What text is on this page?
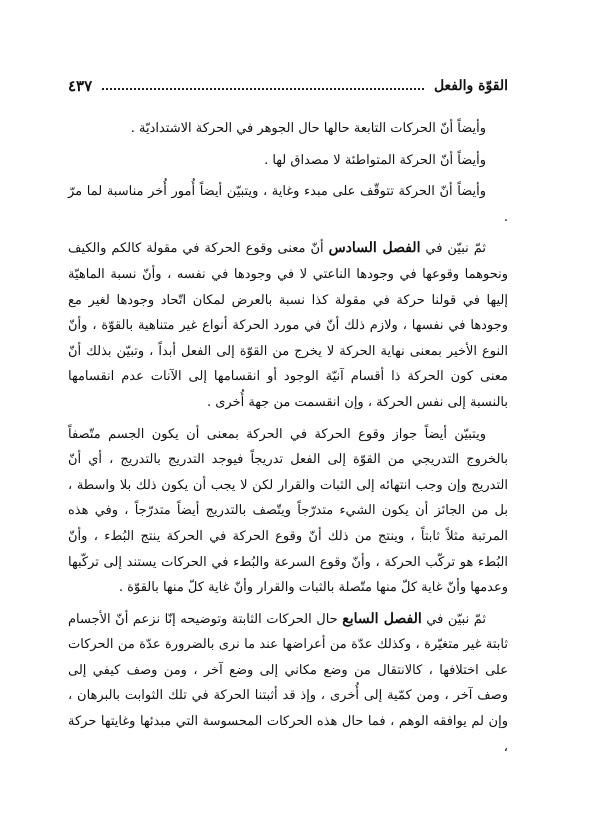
القوّة والفعل
٤٣٧

وأيضاً أنّ الحركات التابعة حالها حال الجوهر في الحركة الاشتداديّة .

وأيضاً أنّ الحركة المتواطئة لا مصداق لها .

وأيضاً أنّ الحركة تتوقّف على مبدء وغاية ، ويتبيّن أيضاً أُمور أُخر مناسبة لما مرّ .

ثمّ نبيّن في الفصل السادس أنّ معنى وقوع الحركة في مقولة كالكم والكيف ونحوهما وقوعها في وجودها الناعتي لا في وجودها في نفسه ، وأنّ نسبة الماهيّة إليها في قولنا حركة في مقولة كذا نسبة بالعرض لمكان اتّحاد وجودها لغير مع وجودها في نفسها ، ولازم ذلك أنّ في مورد الحركة أنواع غير متناهية بالقوّة ، وأنّ النوع الأخير بمعنى نهاية الحركة لا يخرج من القوّة إلى الفعل أبداً ، وتبيّن بذلك أنّ معنى كون الحركة ذا أقسام آنيّة الوجود أو انقسامها إلى الآنات عدم انقسامها بالنسبة إلى نفس الحركة ، وإن انقسمت من جهة أُخرى .

ويتبيّن أيضاً جواز وقوع الحركة في الحركة بمعنى أن يكون الجسم متّصفاً بالخروج التدريجي من القوّة إلى الفعل تدريجاً فيوجد التدريج بالتدريج ، أي أنّ التدريج وإن وجب انتهائه إلى الثبات والقرار لكن لا يجب أن يكون ذلك بلا واسطة ، بل من الجائز أن يكون الشيء متدرّجاً ويتّصف بالتدريج أيضاً متدرّجاً ، وفي هذه المرتبة مثلاً ثابتاً ، وينتج من ذلك أنّ وقوع الحركة في الحركة ينتج البُطء ، وأنّ البُطء هو تركّب الحركة ، وأنّ وقوع السرعة والبُطء في الحركات يستند إلى تركّبها وعدمها وأنّ غاية كلّ منها متّصلة بالثبات والقرار وأنّ غاية كلّ منها بالقوّة .

ثمّ نبيّن في الفصل السابع حال الحركات الثابتة وتوضيحه إنّا نزعم أنّ الأجسام ثابتة غير متغيّرة ، وكذلك عدّة من أعراضها عند ما نرى بالضرورة عدّة من الحركات على اختلافها ، كالانتقال من وضع مكاني إلى وضع آخر ، ومن وصف كيفي إلى وصف آخر ، ومن كمّية إلى أُخرى ، وإذ قد أثبتنا الحركة في تلك الثوابت بالبرهان ، وإن لم يوافقه الوهم ، فما حال هذه الحركات المحسوسة التي مبدئها وغايتها حركة ،
